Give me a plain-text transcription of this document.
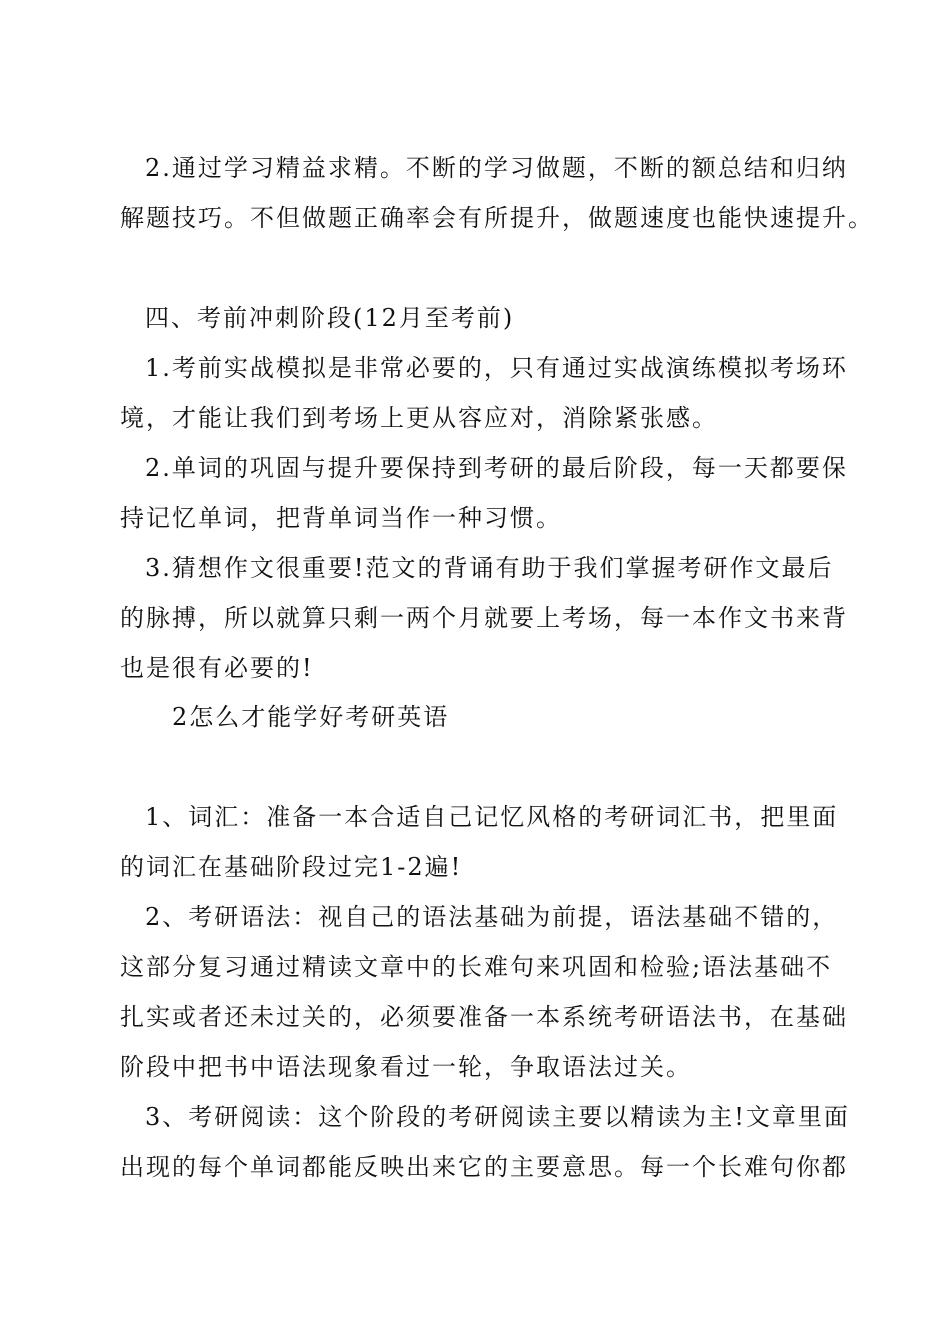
2.通过学习精益求精。不断的学习做题，不断的额总结和归纳
解题技巧。不但做题正确率会有所提升，做题速度也能快速提升。
四、考前冲刺阶段(12月至考前)
1.考前实战模拟是非常必要的，只有通过实战演练模拟考场环
境，才能让我们到考场上更从容应对，消除紧张感。
2.单词的巩固与提升要保持到考研的最后阶段，每一天都要保
持记忆单词，把背单词当作一种习惯。
3.猜想作文很重要!范文的背诵有助于我们掌握考研作文最后
的脉搏，所以就算只剩一两个月就要上考场，每一本作文书来背
也是很有必要的!
2怎么才能学好考研英语
1、词汇：准备一本合适自己记忆风格的考研词汇书，把里面
的词汇在基础阶段过完1-2遍!
2、考研语法：视自己的语法基础为前提，语法基础不错的，
这部分复习通过精读文章中的长难句来巩固和检验;语法基础不
扎实或者还未过关的，必须要准备一本系统考研语法书，在基础
阶段中把书中语法现象看过一轮，争取语法过关。
3、考研阅读：这个阶段的考研阅读主要以精读为主!文章里面
出现的每个单词都能反映出来它的主要意思。每一个长难句你都
